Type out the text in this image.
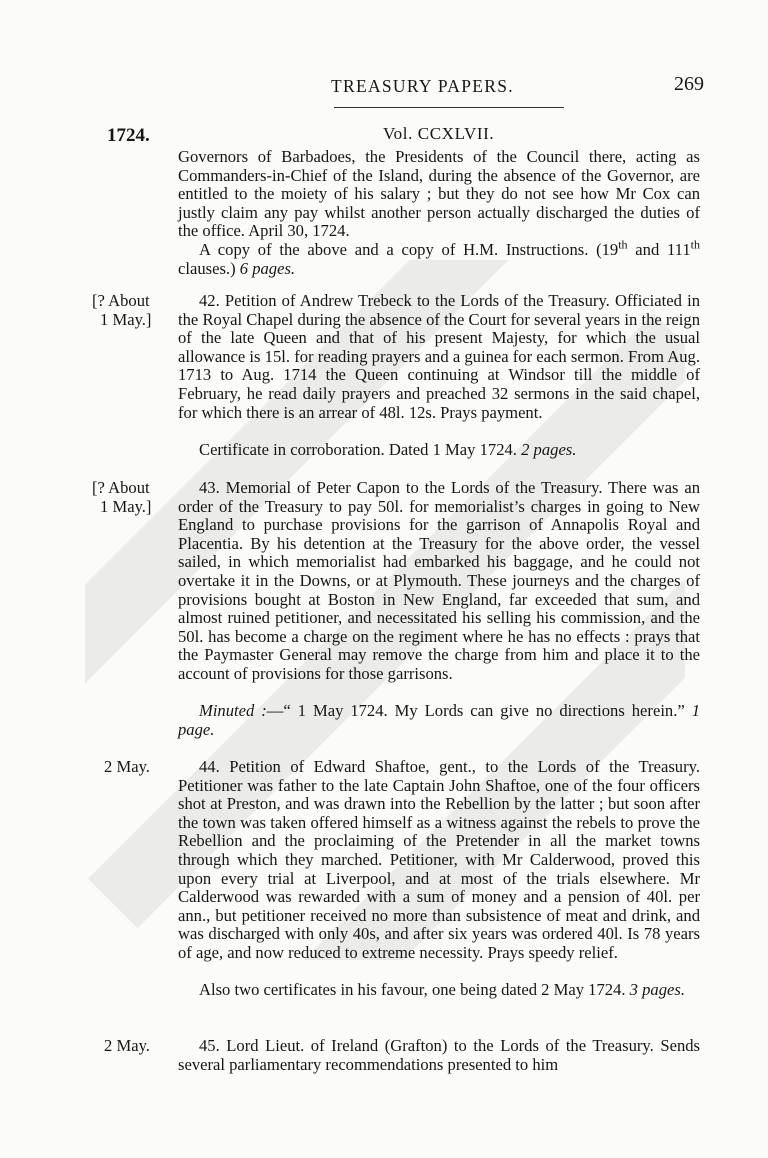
TREASURY PAPERS.	269
1724.	Vol. CCXLVII.
Governors of Barbadoes, the Presidents of the Council there, acting as Commanders-in-Chief of the Island, during the absence of the Governor, are entitled to the moiety of his salary ; but they do not see how Mr Cox can justly claim any pay whilst another person actually discharged the duties of the office. April 30, 1724.
A copy of the above and a copy of H.M. Instructions. (19th and 111th clauses.) 6 pages.
[? About
1 May.]
42. Petition of Andrew Trebeck to the Lords of the Treasury. Officiated in the Royal Chapel during the absence of the Court for several years in the reign of the late Queen and that of his present Majesty, for which the usual allowance is 15l. for reading prayers and a guinea for each sermon. From Aug. 1713 to Aug. 1714 the Queen continuing at Windsor till the middle of February, he read daily prayers and preached 32 sermons in the said chapel, for which there is an arrear of 48l. 12s. Prays payment.
Certificate in corroboration. Dated 1 May 1724. 2 pages.
[? About
1 May.]
43. Memorial of Peter Capon to the Lords of the Treasury. There was an order of the Treasury to pay 50l. for memorialist’s charges in going to New England to purchase provisions for the garrison of Annapolis Royal and Placentia. By his detention at the Treasury for the above order, the vessel sailed, in which memorialist had embarked his baggage, and he could not overtake it in the Downs, or at Plymouth. These journeys and the charges of provisions bought at Boston in New England, far exceeded that sum, and almost ruined petitioner, and necessitated his selling his commission, and the 50l. has become a charge on the regiment where he has no effects : prays that the Paymaster General may remove the charge from him and place it to the account of provisions for those garrisons.
Minuted :—“ 1 May 1724. My Lords can give no directions herein.” 1 page.
2 May.	44. Petition of Edward Shaftoe, gent., to the Lords of the Treasury. Petitioner was father to the late Captain John Shaftoe, one of the four officers shot at Preston, and was drawn into the Rebellion by the latter ; but soon after the town was taken offered himself as a witness against the rebels to prove the Rebellion and the proclaiming of the Pretender in all the market towns through which they marched. Petitioner, with Mr Calderwood, proved this upon every trial at Liverpool, and at most of the trials elsewhere. Mr Calderwood was rewarded with a sum of money and a pension of 40l. per ann., but petitioner received no more than subsistence of meat and drink, and was discharged with only 40s, and after six years was ordered 40l. Is 78 years of age, and now reduced to extreme necessity. Prays speedy relief.
Also two certificates in his favour, one being dated 2 May 1724. 3 pages.
2 May.	45. Lord Lieut. of Ireland (Grafton) to the Lords of the Treasury. Sends several parliamentary recommendations presented to him
